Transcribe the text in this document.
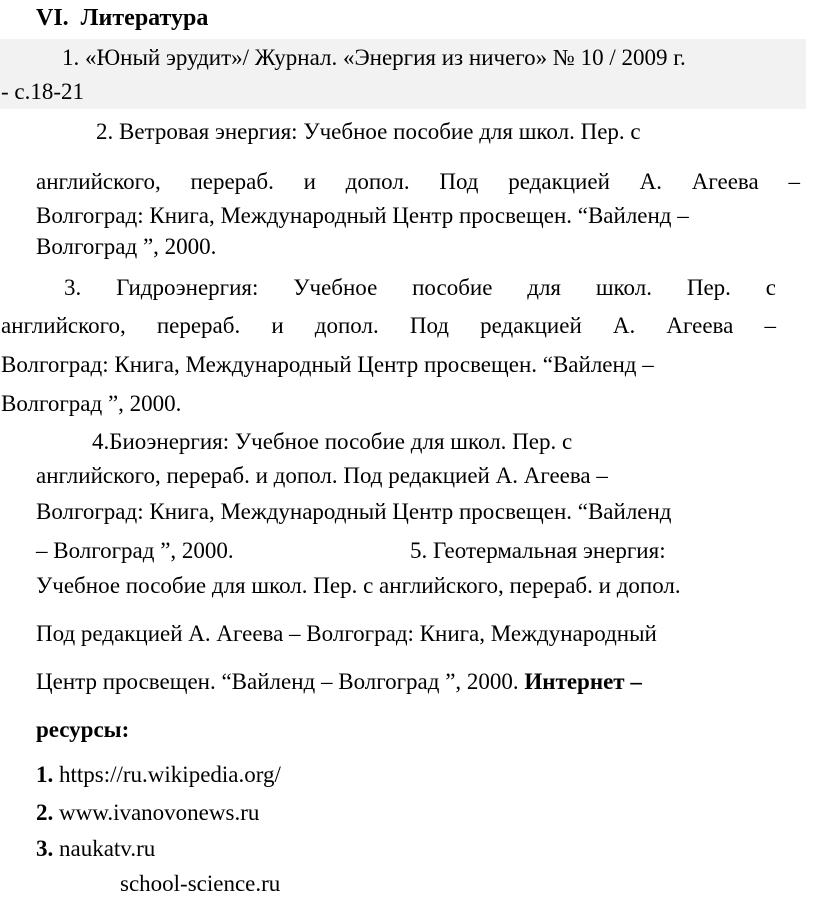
VI. Литература
1. «Юный эрудит»/ Журнал. «Энергия из ничего» № 10 / 2009 г.
- с.18-21
2. Ветровая энергия: Учебное пособие для школ. Пер. с
английского, перераб. и допол. Под редакцией А. Агеева –
Волгоград: Книга, Международный Центр просвещен. “Вайленд –
Волгоград ”, 2000.
3. Гидроэнергия: Учебное пособие для школ. Пер. с
английского, перераб. и допол. Под редакцией А. Агеева –
Волгоград: Книга, Международный Центр просвещен. “Вайленд –
Волгоград ”, 2000.
4.Биоэнергия: Учебное пособие для школ. Пер. с
английского, перераб. и допол. Под редакцией А. Агеева –
Волгоград: Книга, Международный Центр просвещен. “Вайленд
– Волгоград ”, 2000.	5. Геотермальная энергия:
Учебное пособие для школ. Пер. с английского, перераб. и допол.
Под редакцией А. Агеева – Волгоград: Книга, Международный
Центр просвещен. “Вайленд – Волгоград ”, 2000. Интернет –
ресурсы:
1. https://ru.wikipedia.org/
2. www.ivanovonews.ru
3. naukatv.ru
school-science.ru
